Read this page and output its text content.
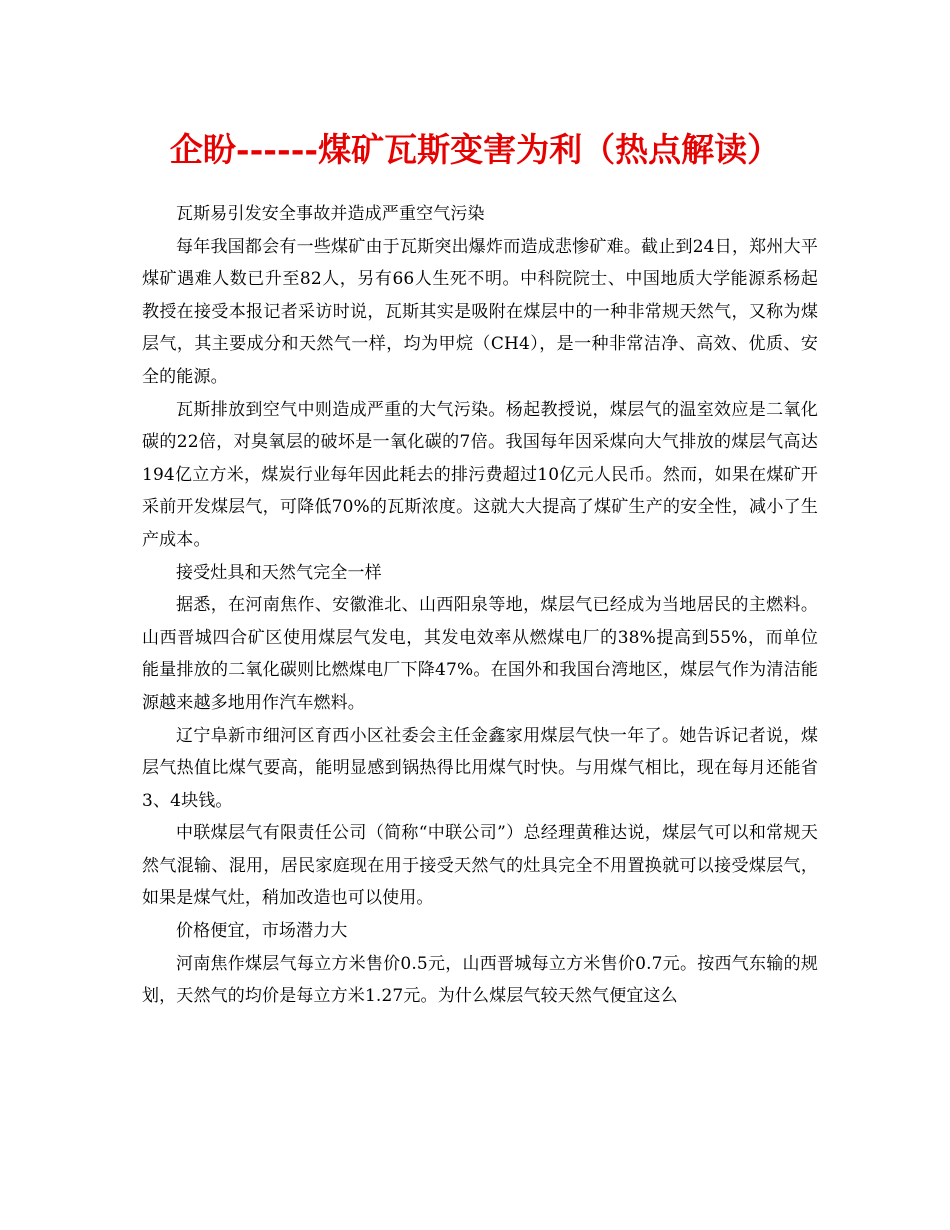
企盼------煤矿瓦斯变害为利（热点解读）

瓦斯易引发安全事故并造成严重空气污染

每年我国都会有一些煤矿由于瓦斯突出爆炸而造成悲惨矿难。截止到24日，郑州大平煤矿遇难人数已升至82人，另有66人生死不明。中科院院士、中国地质大学能源系杨起教授在接受本报记者采访时说，瓦斯其实是吸附在煤层中的一种非常规天然气，又称为煤层气，其主要成分和天然气一样，均为甲烷（CH4），是一种非常洁净、高效、优质、安全的能源。

瓦斯排放到空气中则造成严重的大气污染。杨起教授说，煤层气的温室效应是二氧化碳的22倍，对臭氧层的破坏是一氧化碳的7倍。我国每年因采煤向大气排放的煤层气高达194亿立方米，煤炭行业每年因此耗去的排污费超过10亿元人民币。然而，如果在煤矿开采前开发煤层气，可降低70%的瓦斯浓度。这就大大提高了煤矿生产的安全性，减小了生产成本。

接受灶具和天然气完全一样

据悉，在河南焦作、安徽淮北、山西阳泉等地，煤层气已经成为当地居民的主燃料。山西晋城四合矿区使用煤层气发电，其发电效率从燃煤电厂的38%提高到55%，而单位能量排放的二氧化碳则比燃煤电厂下降47%。在国外和我国台湾地区，煤层气作为清洁能源越来越多地用作汽车燃料。

辽宁阜新市细河区育西小区社委会主任金鑫家用煤层气快一年了。她告诉记者说，煤层气热值比煤气要高，能明显感到锅热得比用煤气时快。与用煤气相比，现在每月还能省3、4块钱。

中联煤层气有限责任公司（简称“中联公司”）总经理黄稚达说，煤层气可以和常规天然气混输、混用，居民家庭现在用于接受天然气的灶具完全不用置换就可以接受煤层气，如果是煤气灶，稍加改造也可以使用。

价格便宜，市场潜力大

河南焦作煤层气每立方米售价0.5元，山西晋城每立方米售价0.7元。按西气东输的规划，天然气的均价是每立方米1.27元。为什么煤层气较天然气便宜这么
